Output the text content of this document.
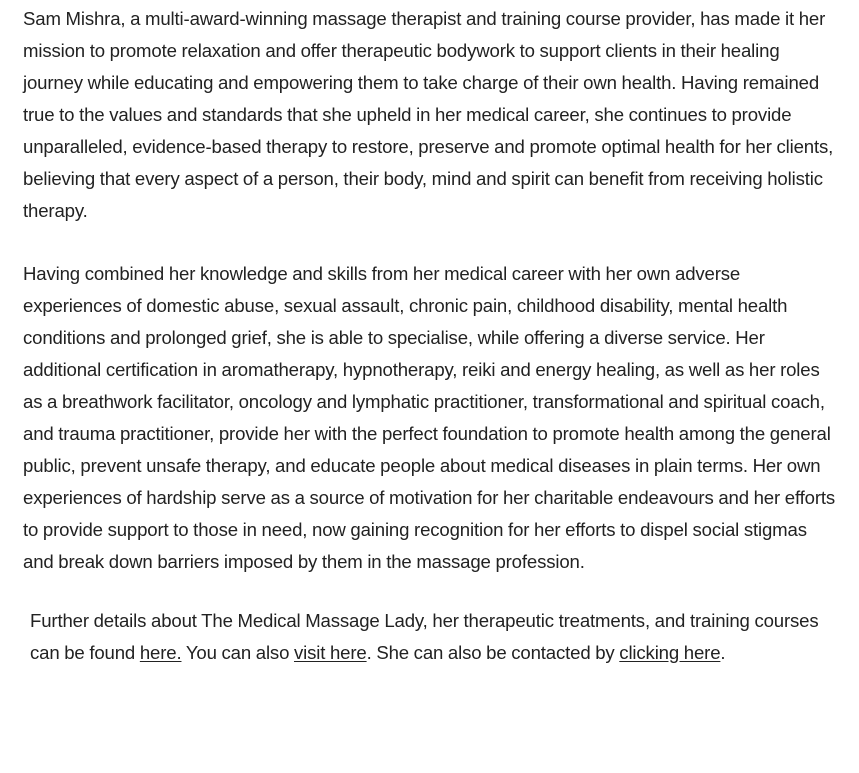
Sam Mishra, a multi-award-winning massage therapist and training course provider, has made it her mission to promote relaxation and offer therapeutic bodywork to support clients in their healing journey while educating and empowering them to take charge of their own health. Having remained true to the values and standards that she upheld in her medical career, she continues to provide unparalleled, evidence-based therapy to restore, preserve and promote optimal health for her clients, believing that every aspect of a person, their body, mind and spirit can benefit from receiving holistic therapy.

Having combined her knowledge and skills from her medical career with her own adverse experiences of domestic abuse, sexual assault, chronic pain, childhood disability, mental health conditions and prolonged grief, she is able to specialise, while offering a diverse service. Her additional certification in aromatherapy, hypnotherapy, reiki and energy healing, as well as her roles as a breathwork facilitator, oncology and lymphatic practitioner, transformational and spiritual coach, and trauma practitioner, provide her with the perfect foundation to promote health among the general public, prevent unsafe therapy, and educate people about medical diseases in plain terms. Her own experiences of hardship serve as a source of motivation for her charitable endeavours and her efforts to provide support to those in need, now gaining recognition for her efforts to dispel social stigmas and break down barriers imposed by them in the massage profession.

Further details about The Medical Massage Lady, her therapeutic treatments, and training courses can be found here. You can also visit here. She can also be contacted by clicking here.
